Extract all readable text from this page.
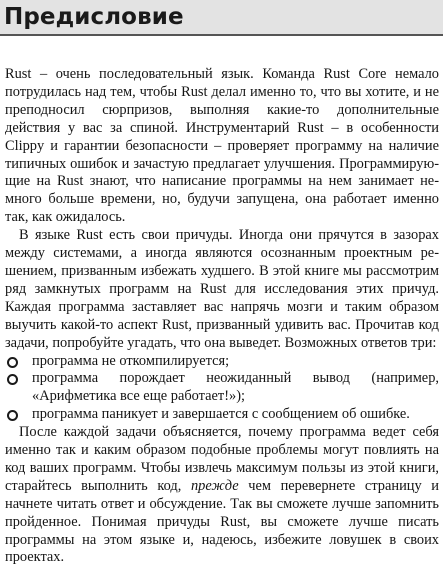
Предисловие

Rust – очень последовательный язык. Команда Rust Core немало потрудилась над тем, чтобы Rust делал именно то, что вы хотите, и не преподносил сюрпризов, выполняя какие-то дополнительные действия у вас за спиной. Инструментарий Rust – в особенности Clippy и гарантии безопасности – проверяет программу на наличие типичных ошибок и зачастую предлагает улучшения. Программирующие на Rust знают, что написание программы на нем занимает немного больше времени, но, будучи запущена, она работает именно так, как ожидалось.

В языке Rust есть свои причуды. Иногда они прячутся в зазорах между системами, а иногда являются осознанным проектным решением, призванным избежать худшего. В этой книге мы рассмотрим ряд замкнутых программ на Rust для исследования этих причуд. Каждая программа заставляет вас напрячь мозги и таким образом выучить какой-то аспект Rust, призванный удивить вас. Прочитав код задачи, попробуйте угадать, что она выведет. Возможных ответов три:

программа не откомпилируется;
программа порождает неожиданный вывод (например, «Арифметика все еще работает!»);
программа паникует и завершается с сообщением об ошибке.

После каждой задачи объясняется, почему программа ведет себя именно так и каким образом подобные проблемы могут повлиять на код ваших программ. Чтобы извлечь максимум пользы из этой книги, старайтесь выполнить код, прежде чем перевернете страницу и начнете читать ответ и обсуждение. Так вы сможете лучше запомнить пройденное. Понимая причуды Rust, вы сможете лучше писать программы на этом языке и, надеюсь, избежите ловушек в своих проектах.
